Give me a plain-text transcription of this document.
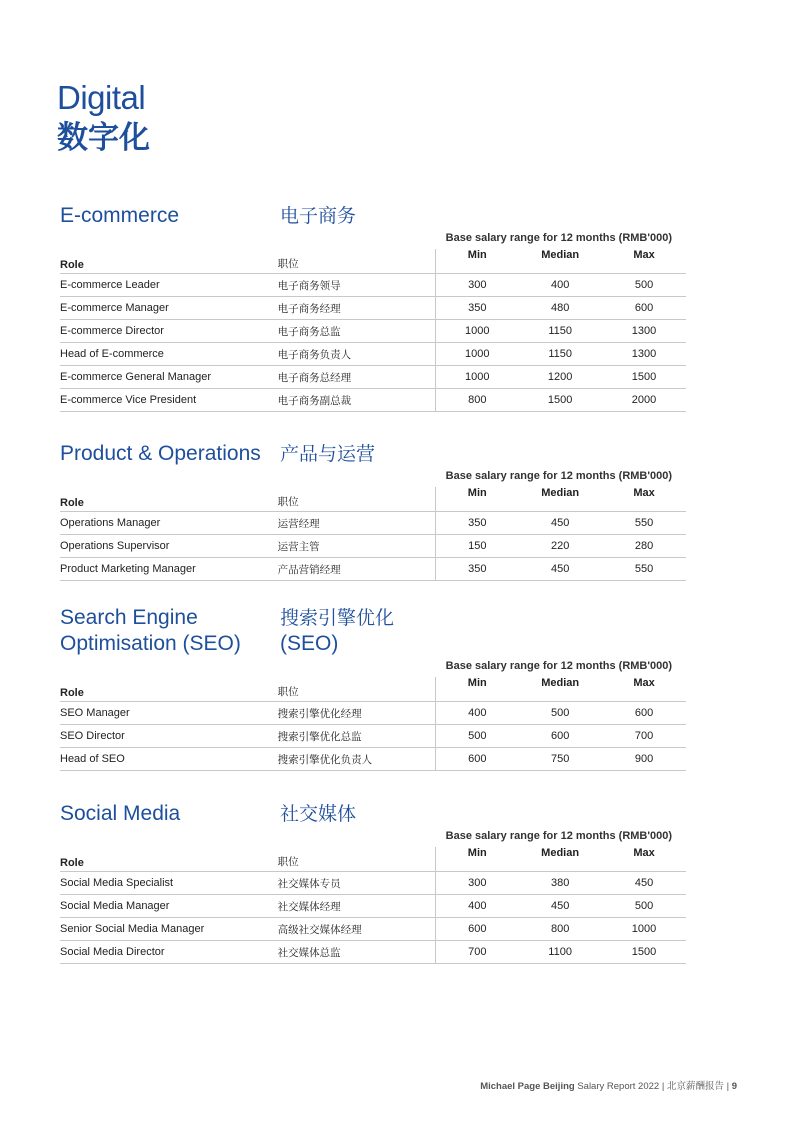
Digital
数字化
E-commerce	电子商务
Base salary range for 12 months (RMB'000)
Role	职位	Min	Median	Max
E-commerce Leader	电子商务领导	300	400	500
E-commerce Manager	电子商务经理	350	480	600
E-commerce Director	电子商务总监	1000	1150	1300
Head of E-commerce	电子商务负责人	1000	1150	1300
E-commerce General Manager	电子商务总经理	1000	1200	1500
E-commerce Vice President	电子商务副总裁	800	1500	2000
Product & Operations 产品与运营
Base salary range for 12 months (RMB'000)
Role	职位	Min	Median	Max
Operations Manager	运营经理	350	450	550
Operations Supervisor	运营主管	150	220	280
Product Marketing Manager	产品营销经理	350	450	550
Search Engine
Optimisation (SEO)
搜索引擎优化
(SEO)
Base salary range for 12 months (RMB'000)
Role	职位	Min	Median	Max
SEO Manager	搜索引擎优化经理	400	500	600
SEO Director	搜索引擎优化总监	500	600	700
Head of SEO	搜索引擎优化负责人	600	750	900
Social Media	社交媒体
Base salary range for 12 months (RMB'000)
Role	职位	Min	Median	Max
Social Media Specialist	社交媒体专员	300	380	450
Social Media Manager	社交媒体经理	400	450	500
Senior Social Media Manager	高级社交媒体经理	600	800	1000
Social Media Director	社交媒体总监	700	1100	1500
Michael Page Beijing Salary Report 2022 | 北京薪酬报告 | 9
